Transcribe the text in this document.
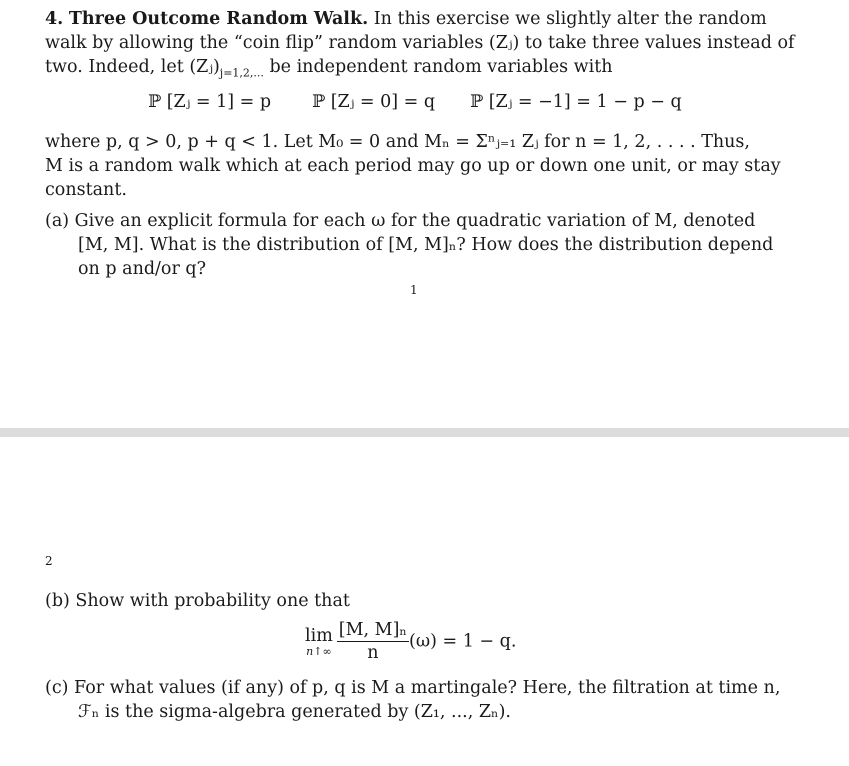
4. Three Outcome Random Walk. In this exercise we slightly alter the random
walk by allowing the “coin flip” random variables (Zⱼ) to take three values instead of
two. Indeed, let $(Zⱼ)_{j=1,2,...}$ be independent random variables with
ℙ [Zⱼ = 1] = p ℙ [Zⱼ = 0] = q ℙ [Zⱼ = −1] = 1 − p − q
where p, q > 0, p + q < 1. Let M₀ = 0 and Mₙ = Σⁿⱼ₌₁ Zⱼ for n = 1, 2, . . . . Thus,
M is a random walk which at each period may go up or down one unit, or may stay
constant.
(a) Give an explicit formula for each ω for the quadratic variation of M, denoted
[M, M]. What is the distribution of [M, M]ₙ? How does the distribution depend
on p and/or q?
1
2
(b) Show with probability one that
lim
n↑∞ $\frac{\text{[M, M]ₙ}}{n} (\omega) = 1 - q$.
(c) For what values (if any) of p, q is M a martingale? Here, the filtration at time n,
ℱₙ is the sigma-algebra generated by (Z₁, ..., Zₙ).
